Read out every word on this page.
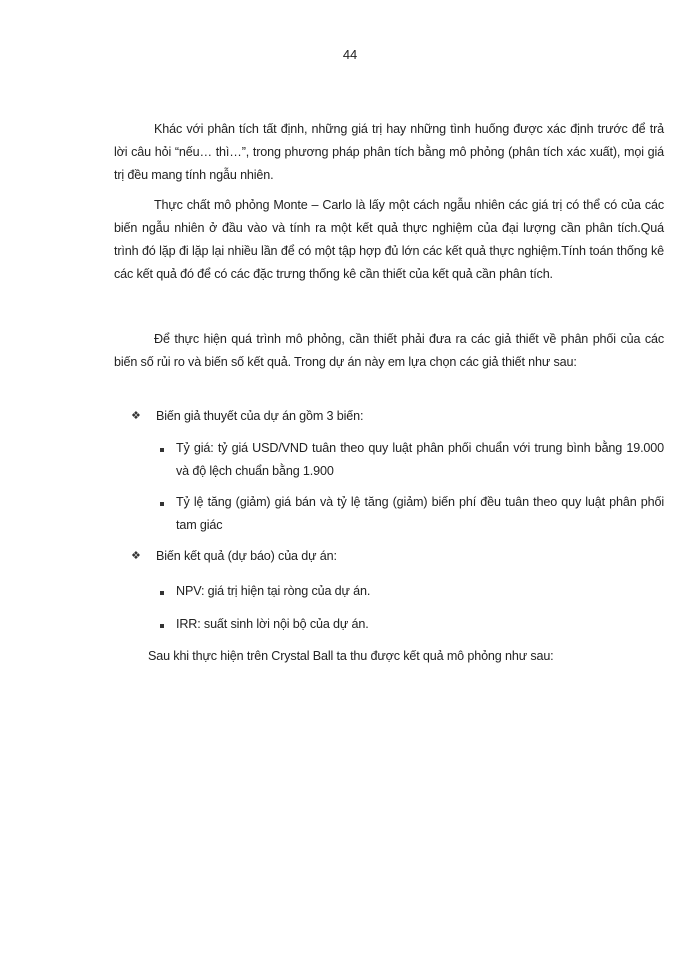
44

Khác với phân tích tất định, những giá trị hay những tình huống được xác định trước để trả lời câu hỏi “nếu… thì…”, trong phương pháp phân tích bằng mô phỏng (phân tích xác xuất), mọi giá trị đều mang tính ngẫu nhiên.

Thực chất mô phỏng Monte – Carlo là lấy một cách ngẫu nhiên các giá trị có thể có của các biến ngẫu nhiên ở đầu vào và tính ra một kết quả thực nghiệm của đại lượng cần phân tích.Quá trình đó lặp đi lặp lại nhiều lần để có một tập hợp đủ lớn các kết quả thực nghiệm.Tính toán thống kê các kết quả đó để có các đặc trưng thống kê cần thiết của kết quả cần phân tích.

Để thực hiện quá trình mô phỏng, cần thiết phải đưa ra các giả thiết về phân phối của các biến số rủi ro và biến số kết quả. Trong dự án này em lựa chọn các giả thiết như sau:

❖ Biến giả thuyết của dự án gồm 3 biến:

Tỷ giá: tỷ giá USD/VND tuân theo quy luật phân phối chuẩn với trung bình bằng 19.000 và độ lệch chuẩn bằng 1.900

Tỷ lệ tăng (giảm) giá bán và tỷ lệ tăng (giảm) biến phí đều tuân theo quy luật phân phối tam giác

❖ Biến kết quả (dự báo) của dự án:

NPV: giá trị hiện tại ròng của dự án.

IRR: suất sinh lời nội bộ của dự án.

Sau khi thực hiện trên Crystal Ball ta thu được kết quả mô phỏng như sau:
